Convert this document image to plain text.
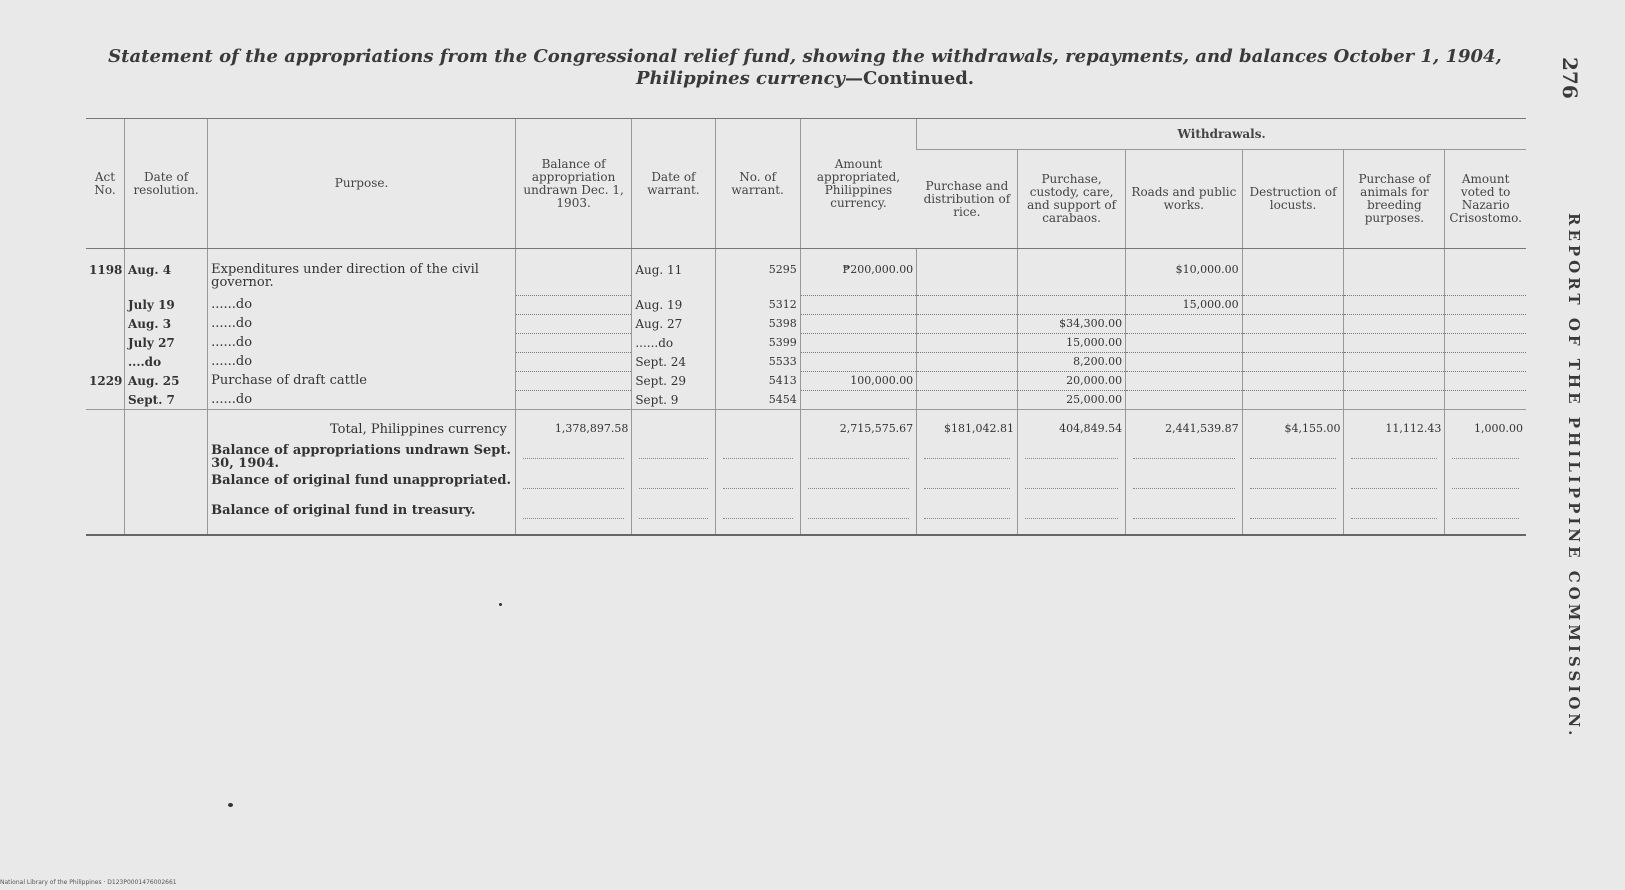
Statement of the appropriations from the Congressional relief fund, showing the withdrawals, repayments, and balances October 1, 1904,
Philippines currency—Continued.	276
REPORT OF THE PHILIPPINE COMMISSION.
Act No.	Date of resolution.	Purpose.	Balance of appropriation undrawn Dec. 1, 1903.	Date of warrant.	No. of warrant.	Amount appropriated, Philippines currency.	Withdrawals.					
							Purchase and distribution of rice.	Purchase, custody, care, and support of carabaos.	Roads and public works.	Destruction of locusts.	Purchase of animals for breeding purposes.	Amount voted to Nazario Crisostomo.
1198	Aug. 4	Expenditures under direction of the civil governor.		Aug. 11	5295	₱200,000.00			$10,000.00			
	July 19	......do		Aug. 19	5312				15,000.00			
	Aug. 3	......do		Aug. 27	5398			$34,300.00				
	July 27	......do		......do	5399			15,000.00				
	....do	......do		Sept. 24	5533			8,200.00				
1229	Aug. 25	Purchase of draft cattle		Sept. 29	5413	100,000.00		20,000.00				
	Sept. 7	......do		Sept. 9	5454			25,000.00				
		Total, Philippines currency	1,378,897.58			2,715,575.67	$181,042.81	404,849.54	2,441,539.87	$4,155.00	11,112.43	1,000.00
		Balance of appropriations undrawn Sept. 30, 1904.	

		Balance of original fund unappropriated.	

		Balance of original fund in treasury.	

National Library of the Philippines · D123P0001476002661
